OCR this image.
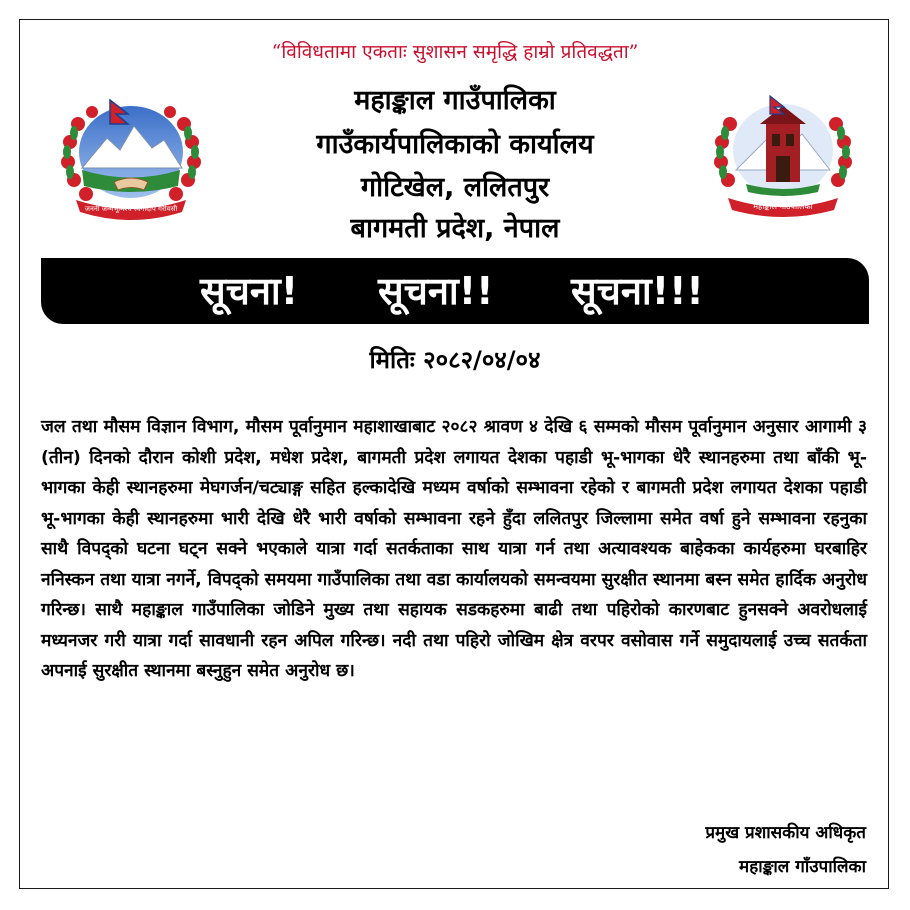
“विविधतामा एकताः सुशासन समृद्धि हाम्रो प्रतिवद्धता”
महाङ्काल गाउँपालिका
गाउँकार्यपालिकाको कार्यालय
गोटिखेल, ललितपुर
बागमती प्रदेश, नेपाल
जननी जन्मभूमिश्च स्वर्गादपि गरीयसी	महाङ्काल गाउँपालिका
सूचना! सूचना!! सूचना!!!
मितिः २०८२/०४/०४
जल तथा मौसम विज्ञान विभाग, मौसम पूर्वानुमान महाशाखाबाट २०८२ श्रावण ४ देखि ६ सम्मको मौसम पूर्वानुमान अनुसार आगामी ३ (तीन) दिनको दौरान कोशी प्रदेश, मधेश प्रदेश, बागमती प्रदेश लगायत देशका पहाडी भू-भागका धेरै स्थानहरुमा तथा बाँकी भू-भागका केही स्थानहरुमा मेघगर्जन/चट्याङ्ग सहित हल्कादेखि मध्यम वर्षाको सम्भावना रहेको र बागमती प्रदेश लगायत देशका पहाडी भू-भागका केही स्थानहरुमा भारी देखि धेरै भारी वर्षाको सम्भावना रहने हुँदा ललितपुर जिल्लामा समेत वर्षा हुने सम्भावना रहनुका साथै विपद्को घटना घट्न सक्ने भएकाले यात्रा गर्दा सतर्कताका साथ यात्रा गर्न तथा अत्यावश्यक बाहेकका कार्यहरुमा घरबाहिर ननिस्कन तथा यात्रा नगर्ने, विपद्को समयमा गाउँपालिका तथा वडा कार्यालयको समन्वयमा सुरक्षीत स्थानमा बस्न समेत हार्दिक अनुरोध गरिन्छ। साथै महाङ्काल गाउँपालिका जोडिने मुख्य तथा सहायक सडकहरुमा बाढी तथा पहिरोको कारणबाट हुनसक्ने अवरोधलाई मध्यनजर गरी यात्रा गर्दा सावधानी रहन अपिल गरिन्छ। नदी तथा पहिरो जोखिम क्षेत्र वरपर वसोवास गर्ने समुदायलाई उच्च सतर्कता अपनाई सुरक्षीत स्थानमा बस्नुहुन समेत अनुरोध छ।
प्रमुख प्रशासकीय अधिकृत
महाङ्काल गाँउपालिका
